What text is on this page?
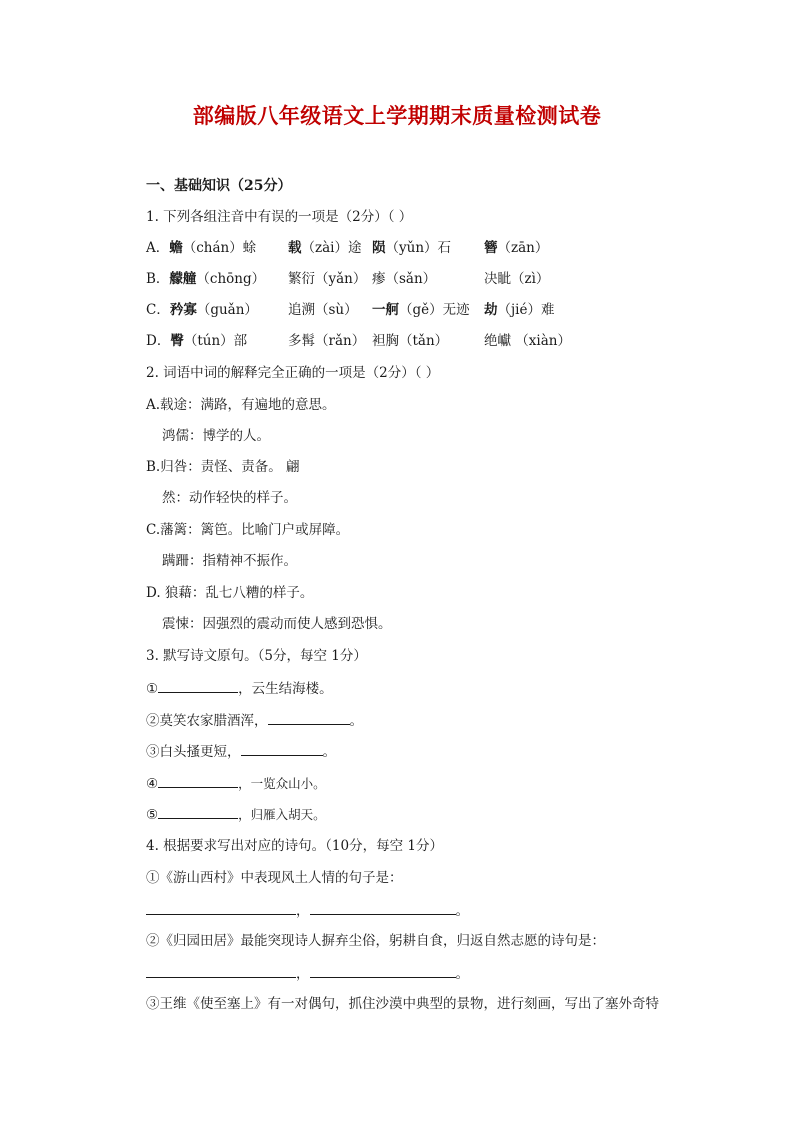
部编版八年级语文上学期期末质量检测试卷
一、基础知识（25分）
1. 下列各组注音中有误的一项是（2分）（ ）
A．蟾（chán）蜍 载（zài）途 陨（yǔn）石 簪（zān）
B．艨艟（chōng） 繁衍（yǎn） 瘆（sǎn）	决眦（zì）
C．矜寡（guǎn） 追溯（sù） 一舸（gě）无迹 劫（jié）难
D．臀（tún）部	多髯（rǎn） 袒胸（tǎn）	绝巘 （xiàn）
2. 词语中词的解释完全正确的一项是（2分）（ ）
A.载途：满路，有遍地的意思。
鸿儒：博学的人。
B.归咎：责怪、责备。 翩
然：动作轻快的样子。
C.藩篱：篱笆。比喻门户或屏障。
蹒跚：指精神不振作。
D. 狼藉：乱七八糟的样子。
震悚：因强烈的震动而使人感到恐惧。
3. 默写诗文原句。（5分，每空 1分）
①	，云生结海楼。
②莫笑农家腊酒浑，	。
③白头搔更短，	。
④	，一览众山小。
⑤	，归雁入胡天。
4. 根据要求写出对应的诗句。（10分，每空 1分）
①《游山西村》中表现风土人情的句子是：
，	。
②《归园田居》最能突现诗人摒弃尘俗，躬耕自食，归返自然志愿的诗句是：
，	。
③王维《使至塞上》有一对偶句，抓住沙漠中典型的景物，进行刻画，写出了塞外奇特
